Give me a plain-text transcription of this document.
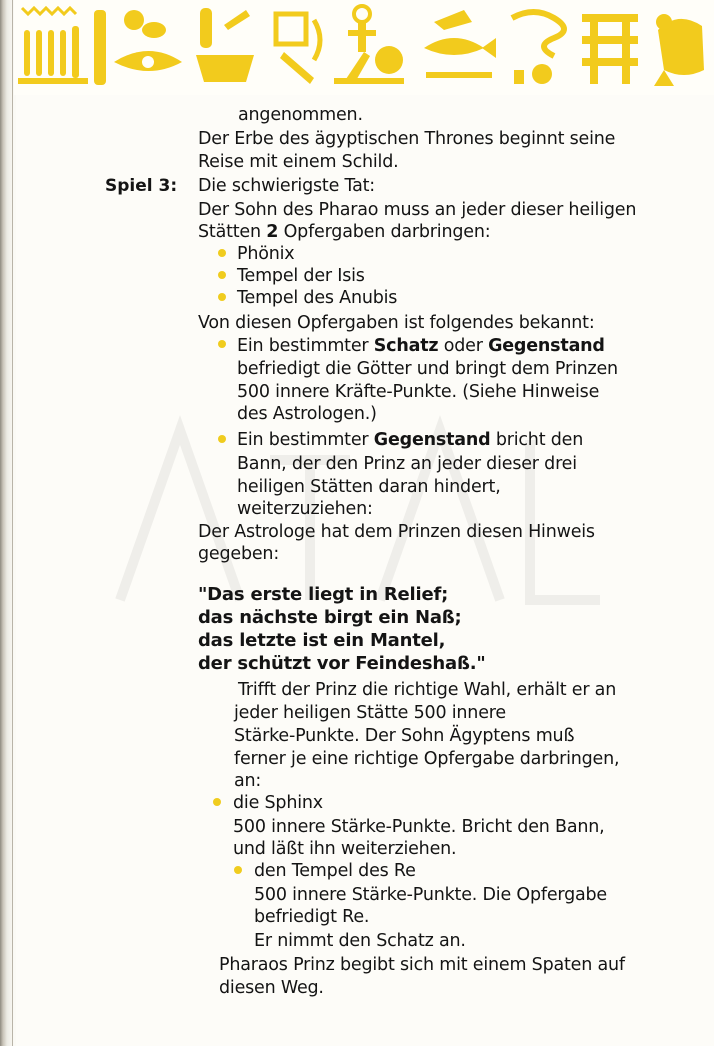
angenommen.
Der Erbe des ägyptischen Thrones beginnt seine
Reise mit einem Schild.
Spiel 3: Die schwierigste Tat:
Der Sohn des Pharao muss an jeder dieser heiligen
Stätten 2 Opfergaben darbringen:
Phönix
Tempel der Isis
Tempel des Anubis
Von diesen Opfergaben ist folgendes bekannt:
Ein bestimmter Schatz oder Gegenstand
befriedigt die Götter und bringt dem Prinzen
500 innere Kräfte-Punkte. (Siehe Hinweise
des Astrologen.)
Ein bestimmter Gegenstand bricht den
Bann, der den Prinz an jeder dieser drei
heiligen Stätten daran hindert,
weiterzuziehen:
Der Astrologe hat dem Prinzen diesen Hinweis
gegeben:
"Das erste liegt in Relief;
das nächste birgt ein Naß;
das letzte ist ein Mantel,
der schützt vor Feindeshaß."
Trifft der Prinz die richtige Wahl, erhält er an
jeder heiligen Stätte 500 innere
Stärke-Punkte. Der Sohn Ägyptens muß
ferner je eine richtige Opfergabe darbringen,
an:
die Sphinx
500 innere Stärke-Punkte. Bricht den Bann,
und läßt ihn weiterziehen.
den Tempel des Re
500 innere Stärke-Punkte. Die Opfergabe
befriedigt Re.
Er nimmt den Schatz an.
Pharaos Prinz begibt sich mit einem Spaten auf
diesen Weg.
